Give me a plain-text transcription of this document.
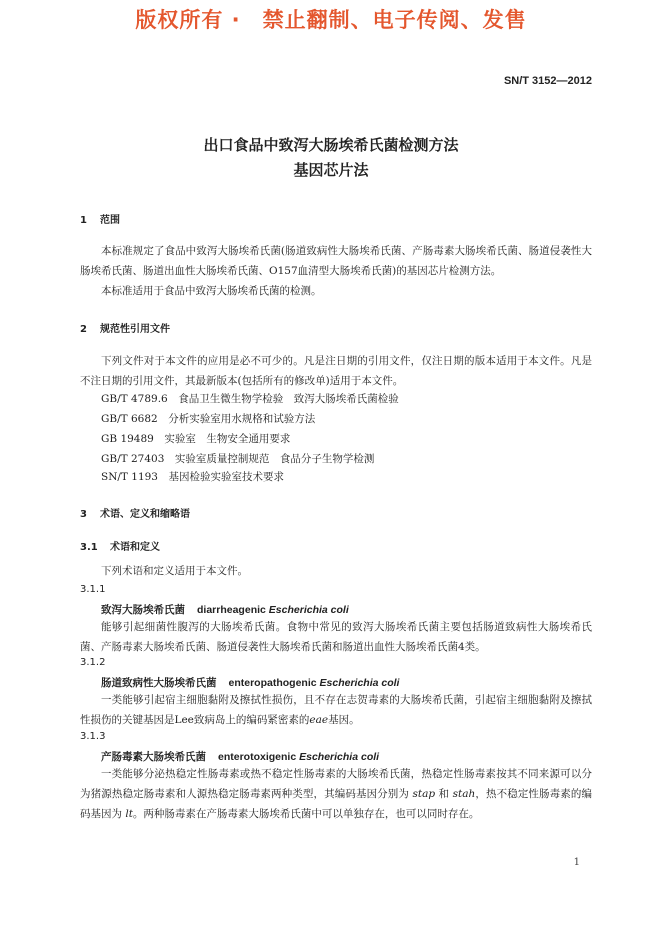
版权所有 ·　禁止翻制、电子传阅、发售
SN/T 3152—2012
出口食品中致泻大肠埃希氏菌检测方法
基因芯片法
1 范围
本标准规定了食品中致泻大肠埃希氏菌(肠道致病性大肠埃希氏菌、产肠毒素大肠埃希氏菌、肠道侵袭性大肠埃希氏菌、肠道出血性大肠埃希氏菌、O157血清型大肠埃希氏菌)的基因芯片检测方法。
本标准适用于食品中致泻大肠埃希氏菌的检测。
2 规范性引用文件
下列文件对于本文件的应用是必不可少的。凡是注日期的引用文件，仅注日期的版本适用于本文件。凡是不注日期的引用文件，其最新版本(包括所有的修改单)适用于本文件。
GB/T 4789.6　 食品卫生微生物学检验　致泻大肠埃希氏菌检验
GB/T 6682　 分析实验室用水规格和试验方法
GB 19489　 实验室　生物安全通用要求
GB/T 27403　 实验室质量控制规范　食品分子生物学检测
SN/T 1193　 基因检验实验室技术要求
3 术语、定义和缩略语
3.1 术语和定义
下列术语和定义适用于本文件。
3.1.1
致泻大肠埃希氏菌 diarrheagenic Escherichia coli
能够引起细菌性腹泻的大肠埃希氏菌。食物中常见的致泻大肠埃希氏菌主要包括肠道致病性大肠埃希氏菌、产肠毒素大肠埃希氏菌、肠道侵袭性大肠埃希氏菌和肠道出血性大肠埃希氏菌4类。
3.1.2
肠道致病性大肠埃希氏菌 enteropathogenic Escherichia coli
一类能够引起宿主细胞黏附及擦拭性损伤，且不存在志贺毒素的大肠埃希氏菌，引起宿主细胞黏附及擦拭性损伤的关键基因是Lee致病岛上的编码紧密素的eae基因。
3.1.3
产肠毒素大肠埃希氏菌 enterotoxigenic Escherichia coli
一类能够分泌热稳定性肠毒素或热不稳定性肠毒素的大肠埃希氏菌，热稳定性肠毒素按其不同来源可以分为猪源热稳定肠毒素和人源热稳定肠毒素两种类型，其编码基因分别为 stap 和 stah，热不稳定性肠毒素的编码基因为 lt。两种肠毒素在产肠毒素大肠埃希氏菌中可以单独存在，也可以同时存在。
1
